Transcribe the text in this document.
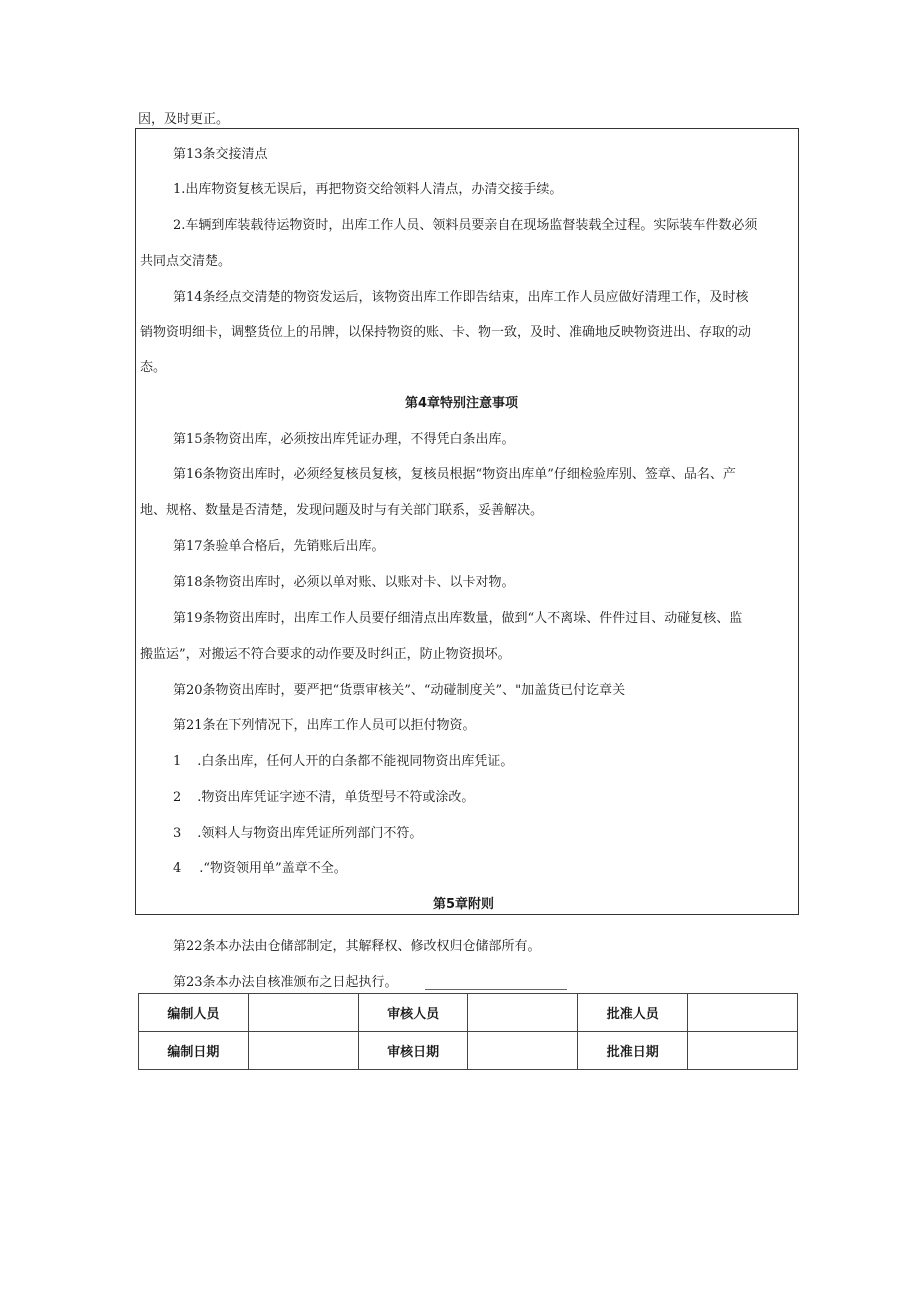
因，及时更正。
第13条交接清点
1.出库物资复核无误后，再把物资交给领料人清点，办清交接手续。
2.车辆到库装载待运物资时，出库工作人员、领料员要亲自在现场监督装载全过程。实际装车件数必须
共同点交清楚。
第14条经点交清楚的物资发运后，该物资出库工作即告结束，出库工作人员应做好清理工作，及时核
销物资明细卡，调整货位上的吊牌，以保持物资的账、卡、物一致，及时、准确地反映物资进出、存取的动
态。
第4章特别注意事项
第15条物资出库，必须按出库凭证办理，不得凭白条出库。
第16条物资出库时，必须经复核员复核，复核员根据“物资出库单”仔细检验库别、签章、品名、产
地、规格、数量是否清楚，发现问题及时与有关部门联系，妥善解决。
第17条验单合格后，先销账后出库。
第18条物资出库时，必须以单对账、以账对卡、以卡对物。
第19条物资出库时，出库工作人员要仔细清点出库数量，做到“人不离垛、件件过目、动碰复核、监
搬监运”，对搬运不符合要求的动作要及时纠正，防止物资损坏。
第20条物资出库时，要严把“货票审核关”、“动碰制度关”、"加盖货已付讫章关
第21条在下列情况下，出库工作人员可以拒付物资。
1 .白条出库，任何人开的白条都不能视同物资出库凭证。
2 .物资出库凭证字迹不清，单货型号不符或涂改。
3 .领料人与物资出库凭证所列部门不符。
4 .“物资领用单”盖章不全。
第5章附则
第22条本办法由仓储部制定，其解释权、修改权归仓储部所有。
第23条本办法自核准颁布之日起执行。
编制人员		审核人员		批准人员	
编制日期		审核日期		批准日期	
